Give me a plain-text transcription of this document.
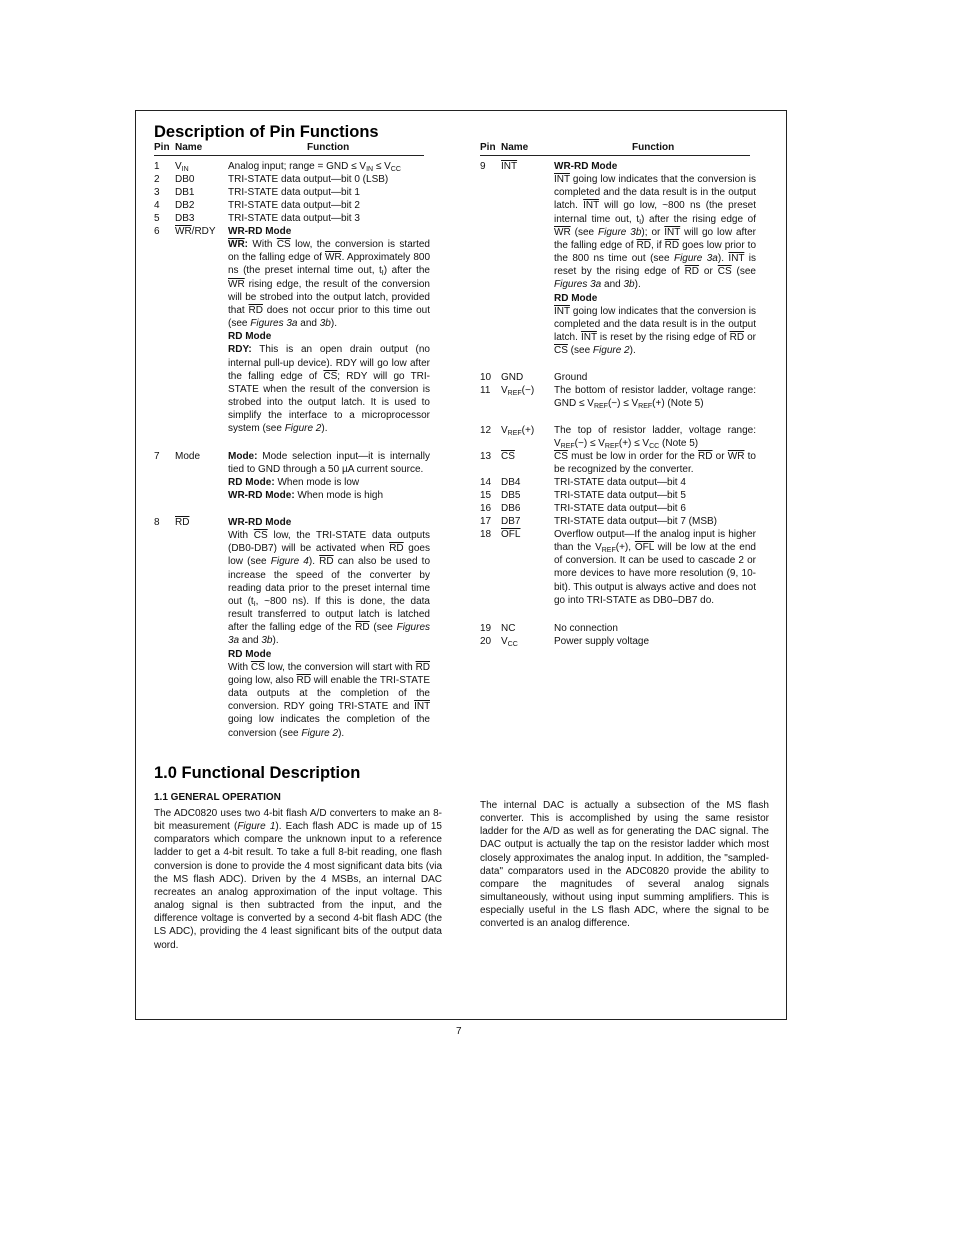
Description of Pin Functions
Pin Name	Function	Pin Name	Function
1 $V_{IN}$	Analog input; range = GND ≤ $V_{IN} \le V_{CC}$
2 DB0	TRI-STATE data output—bit 0 (LSB)
3 DB1	TRI-STATE data output—bit 1
4 DB2	TRI-STATE data output—bit 2
5 DB3	TRI-STATE data output—bit 3
6 $\overline{WR}$/RDY WR-RD Mode

$\overline{WR}$: With $\overline{CS}$ low, the conversion is started on the falling edge of $\overline{WR}$. Approximately 800 ns (the preset internal time out, $t_I$) after the $\overline{WR}$ rising edge, the result of the conversion will be strobed into the output latch, provided that $\overline{RD}$ does not occur prior to this time out (see Figures 3a and 3b).

RD Mode

RDY: This is an open drain output (no internal pull-up device). RDY will go low after the falling edge of $\overline{CS}$; RDY will go TRI-STATE when the result of the conversion is strobed into the output latch. It is used to simplify the interface to a microprocessor system (see Figure 2).

7 Mode	Mode: Mode selection input—it is internally tied to GND through a 50 µA current source.

RD Mode: When mode is low

WR-RD Mode: When mode is high

8 $\overline{RD}$	WR-RD Mode

With $\overline{CS}$ low, the TRI-STATE data outputs (DB0-DB7) will be activated when $\overline{RD}$ goes low (see Figure 4). $\overline{RD}$ can also be used to increase the speed of the converter by reading data prior to the preset internal time out ($t_I$, ~800 ns). If this is done, the data result transferred to output latch is latched after the falling edge of the $\overline{RD}$ (see Figures 3a and 3b).

RD Mode

With $\overline{CS}$ low, the conversion will start with $\overline{RD}$ going low, also $\overline{RD}$ will enable the TRI-STATE data outputs at the completion of the conversion. RDY going TRI-STATE and $\overline{INT}$ going low indicates the completion of the conversion (see Figure 2).

9 $\overline{INT}$	WR-RD Mode

$\overline{INT}$ going low indicates that the conversion is completed and the data result is in the output latch. $\overline{INT}$ will go low, ~800 ns (the preset internal time out, $t_I$) after the rising edge of $\overline{WR}$ (see Figure 3b); or $\overline{INT}$ will go low after the falling edge of $\overline{RD}$, if $\overline{RD}$ goes low prior to the 800 ns time out (see Figure 3a). $\overline{INT}$ is reset by the rising edge of $\overline{RD}$ or $\overline{CS}$ (see Figures 3a and 3b).

RD Mode

$\overline{INT}$ going low indicates that the conversion is completed and the data result is in the output latch. $\overline{INT}$ is reset by the rising edge of $\overline{RD}$ or $\overline{CS}$ (see Figure 2).

10 GND	Ground
11 $V_{REF}(-)$ The bottom of resistor ladder, voltage range: GND ≤ $V_{REF}(-) \le V_{REF}(+)$ (Note 5)
12 $V_{REF}(+)$ The top of resistor ladder, voltage range: $V_{REF}(-) \le V_{REF}(+) \le V_{CC}$ (Note 5)
13 $\overline{CS}$	$\overline{CS}$ must be low in order for the $\overline{RD}$ or $\overline{WR}$ to be recognized by the converter.
14 DB4	TRI-STATE data output—bit 4
15 DB5	TRI-STATE data output—bit 5
16 DB6	TRI-STATE data output—bit 6
17 DB7	TRI-STATE data output—bit 7 (MSB)
18 $\overline{OFL}$	Overflow output—If the analog input is higher than the $V_{REF}(+)$, $\overline{OFL}$ will be low at the end of conversion. It can be used to cascade 2 or more devices to have more resolution (9, 10-bit). This output is always active and does not go into TRI-STATE as DB0–DB7 do.
19 NC	No connection
20 $V_{CC}$	Power supply voltage
1.0 Functional Description
1.1 GENERAL OPERATION
The ADC0820 uses two 4-bit flash A/D converters to make an 8-bit measurement (Figure 1). Each flash ADC is made up of 15 comparators which compare the unknown input to a reference ladder to get a 4-bit result. To take a full 8-bit reading, one flash conversion is done to provide the 4 most significant data bits (via the MS flash ADC). Driven by the 4 MSBs, an internal DAC recreates an analog approximation of the input voltage. This analog signal is then subtracted from the input, and the difference voltage is converted by a second 4-bit flash ADC (the LS ADC), providing the 4 least significant bits of the output data word.
The internal DAC is actually a subsection of the MS flash converter. This is accomplished by using the same resistor ladder for the A/D as well as for generating the DAC signal. The DAC output is actually the tap on the resistor ladder which most closely approximates the analog input. In addition, the "sampled-data" comparators used in the ADC0820 provide the ability to compare the magnitudes of several analog signals simultaneously, without using input summing amplifiers. This is especially useful in the LS flash ADC, where the signal to be converted is an analog difference.
7
